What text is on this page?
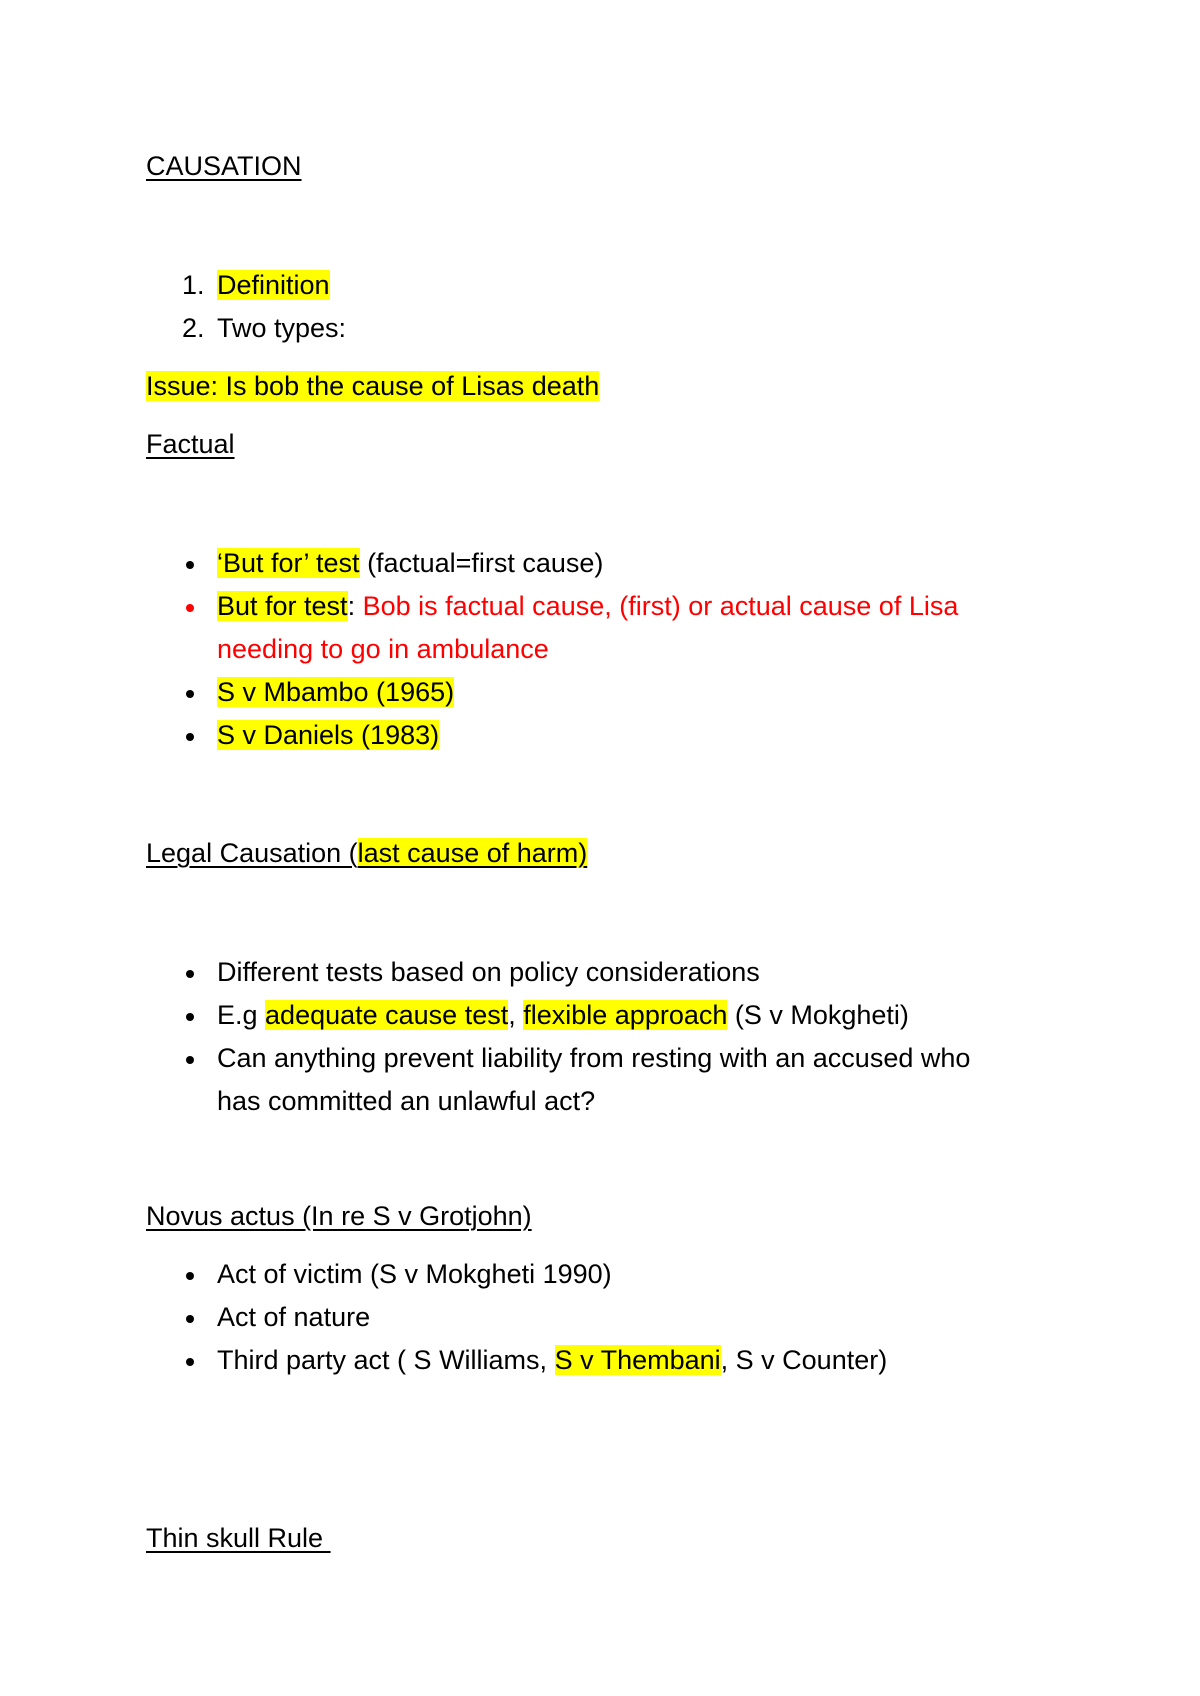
CAUSATION
1. Definition
2. Two types:
Issue: Is bob the cause of Lisas death
Factual
‘But for’ test (factual=first cause)
But for test: Bob is factual cause, (first) or actual cause of Lisa
needing to go in ambulance
S v Mbambo (1965)
S v Daniels (1983)
Legal Causation (last cause of harm)
Different tests based on policy considerations
E.g adequate cause test, flexible approach (S v Mokgheti)
Can anything prevent liability from resting with an accused who
has committed an unlawful act?
Novus actus (In re S v Grotjohn)
Act of victim (S v Mokgheti 1990)
Act of nature
Third party act ( S Williams, S v Thembani, S v Counter)
Thin skull Rule
